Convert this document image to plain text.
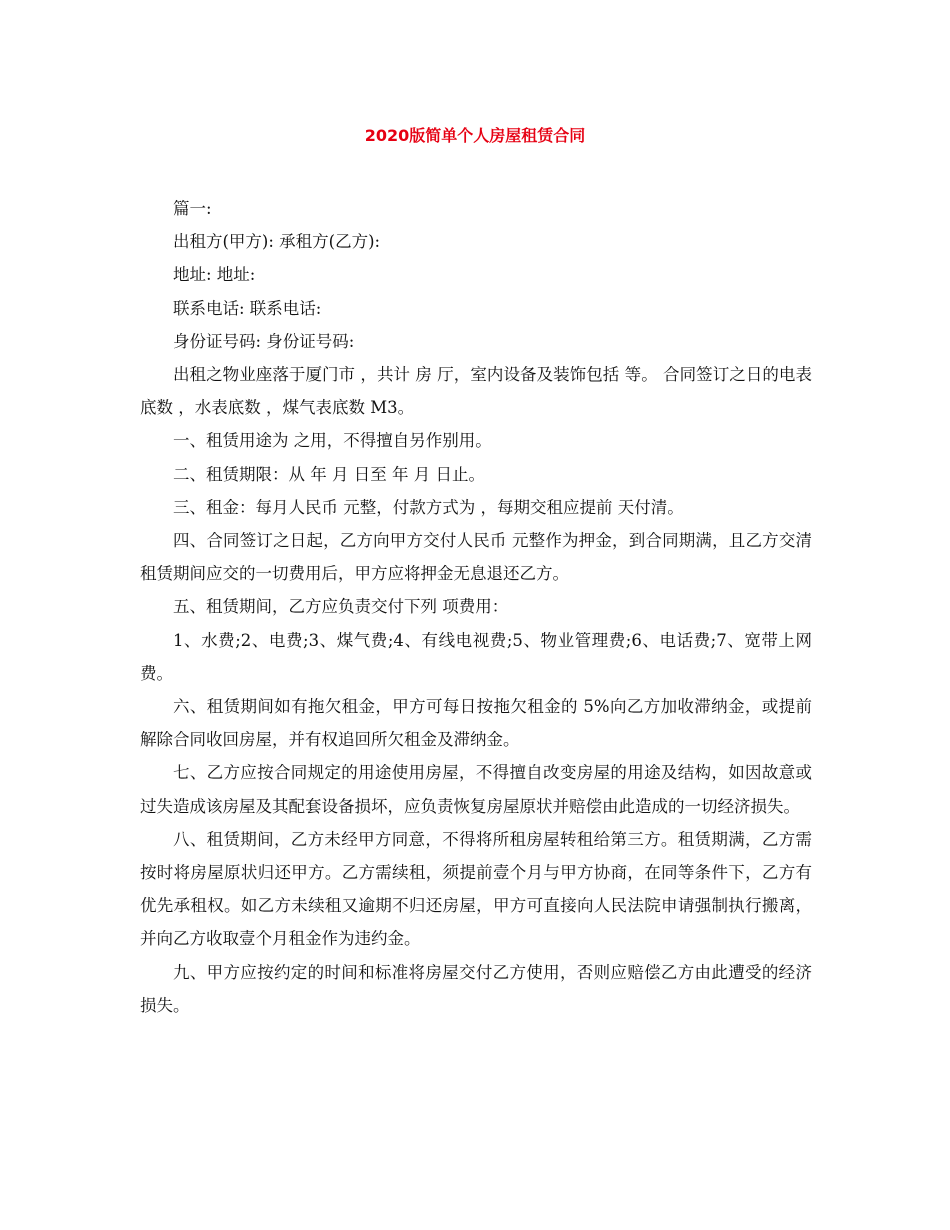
2020版简单个人房屋租赁合同

篇一:

出租方(甲方): 承租方(乙方):

地址: 地址:

联系电话: 联系电话:

身份证号码: 身份证号码:

出租之物业座落于厦门市 ，共计 房 厅，室内设备及装饰包括 等。 合同签订之日的电表底数 ，水表底数 ，煤气表底数 M3。

一、租赁用途为 之用，不得擅自另作别用。

二、租赁期限：从 年 月 日至 年 月 日止。

三、租金：每月人民币 元整，付款方式为 ，每期交租应提前 天付清。

四、合同签订之日起，乙方向甲方交付人民币 元整作为押金，到合同期满，且乙方交清租赁期间应交的一切费用后，甲方应将押金无息退还乙方。

五、租赁期间，乙方应负责交付下列 项费用：

1、水费;2、电费;3、煤气费;4、有线电视费;5、物业管理费;6、电话费;7、宽带上网费。

六、租赁期间如有拖欠租金，甲方可每日按拖欠租金的 5%向乙方加收滞纳金，或提前解除合同收回房屋，并有权追回所欠租金及滞纳金。

七、乙方应按合同规定的用途使用房屋，不得擅自改变房屋的用途及结构，如因故意或过失造成该房屋及其配套设备损坏，应负责恢复房屋原状并赔偿由此造成的一切经济损失。

八、租赁期间，乙方未经甲方同意，不得将所租房屋转租给第三方。租赁期满，乙方需按时将房屋原状归还甲方。乙方需续租，须提前壹个月与甲方协商，在同等条件下，乙方有优先承租权。如乙方未续租又逾期不归还房屋，甲方可直接向人民法院申请强制执行搬离，并向乙方收取壹个月租金作为违约金。

九、甲方应按约定的时间和标准将房屋交付乙方使用，否则应赔偿乙方由此遭受的经济损失。
